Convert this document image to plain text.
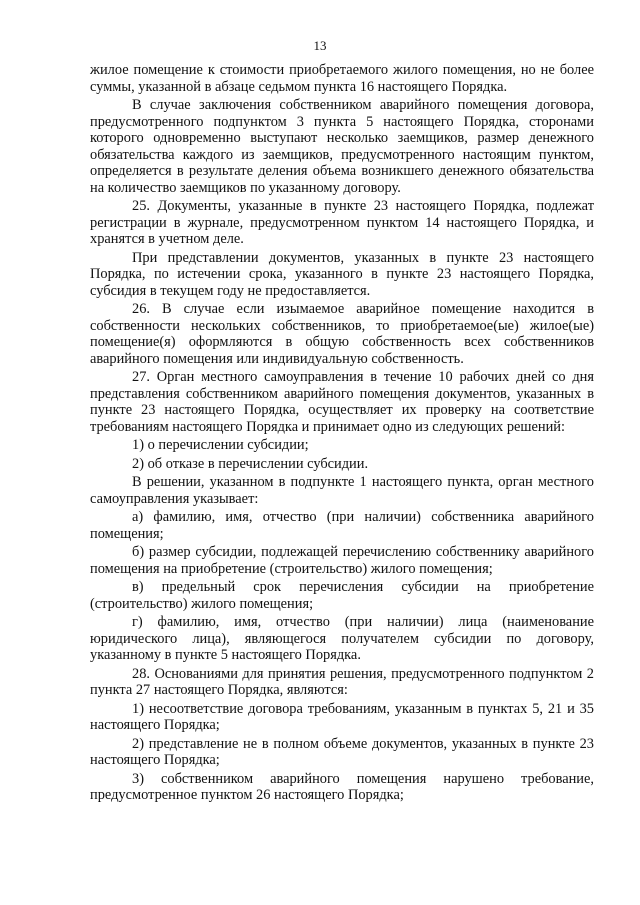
13

жилое помещение к стоимости приобретаемого жилого помещения, но не более суммы, указанной в абзаце седьмом пункта 16 настоящего Порядка.

В случае заключения собственником аварийного помещения договора, предусмотренного подпунктом 3 пункта 5 настоящего Порядка, сторонами которого одновременно выступают несколько заемщиков, размер денежного обязательства каждого из заемщиков, предусмотренного настоящим пунктом, определяется в результате деления объема возникшего денежного обязательства на количество заемщиков по указанному договору.

25. Документы, указанные в пункте 23 настоящего Порядка, подлежат регистрации в журнале, предусмотренном пунктом 14 настоящего Порядка, и хранятся в учетном деле.

При представлении документов, указанных в пункте 23 настоящего Порядка, по истечении срока, указанного в пункте 23 настоящего Порядка, субсидия в текущем году не предоставляется.

26. В случае если изымаемое аварийное помещение находится в собственности нескольких собственников, то приобретаемое(ые) жилое(ые) помещение(я) оформляются в общую собственность всех собственников аварийного помещения или индивидуальную собственность.

27. Орган местного самоуправления в течение 10 рабочих дней со дня представления собственником аварийного помещения документов, указанных в пункте 23 настоящего Порядка, осуществляет их проверку на соответствие требованиям настоящего Порядка и принимает одно из следующих решений:

1) о перечислении субсидии;

2) об отказе в перечислении субсидии.

В решении, указанном в подпункте 1 настоящего пункта, орган местного самоуправления указывает:

а) фамилию, имя, отчество (при наличии) собственника аварийного помещения;

б) размер субсидии, подлежащей перечислению собственнику аварийного помещения на приобретение (строительство) жилого помещения;

в) предельный срок перечисления субсидии на приобретение (строительство) жилого помещения;

г) фамилию, имя, отчество (при наличии) лица (наименование юридического лица), являющегося получателем субсидии по договору, указанному в пункте 5 настоящего Порядка.

28. Основаниями для принятия решения, предусмотренного подпунктом 2 пункта 27 настоящего Порядка, являются:

1) несоответствие договора требованиям, указанным в пунктах 5, 21 и 35 настоящего Порядка;

2) представление не в полном объеме документов, указанных в пункте 23 настоящего Порядка;

3) собственником аварийного помещения нарушено требование, предусмотренное пунктом 26 настоящего Порядка;
